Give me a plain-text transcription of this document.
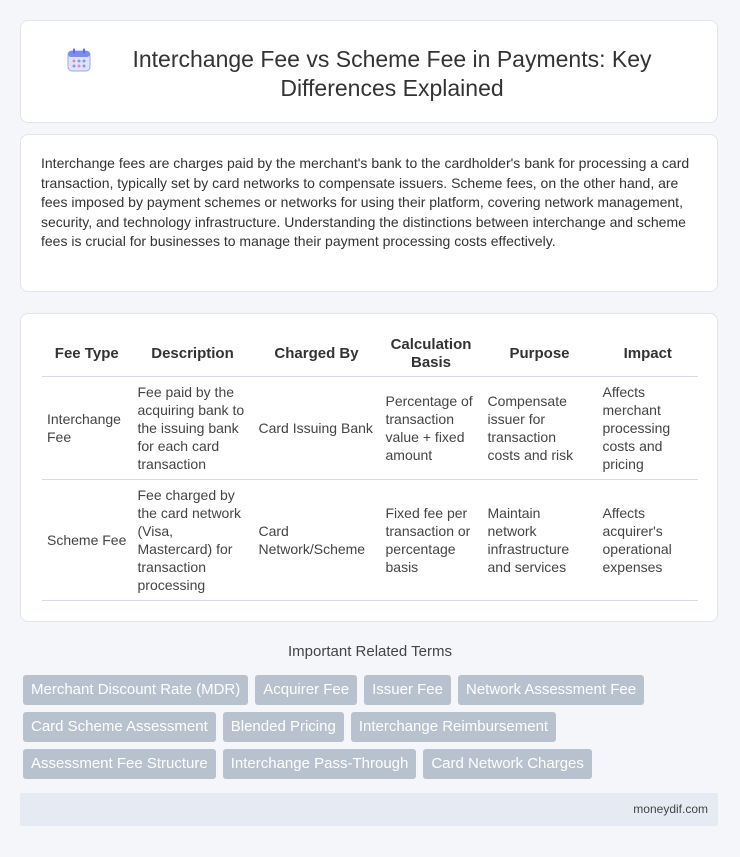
Interchange Fee vs Scheme Fee in Payments: Key Differences Explained

Interchange fees are charges paid by the merchant's bank to the cardholder's bank for processing a card transaction, typically set by card networks to compensate issuers. Scheme fees, on the other hand, are fees imposed by payment schemes or networks for using their platform, covering network management, security, and technology infrastructure. Understanding the distinctions between interchange and scheme fees is crucial for businesses to manage their payment processing costs effectively.

Fee Type	Description	Charged By	Calculation Basis	Purpose	Impact
Interchange Fee	Fee paid by the acquiring bank to the issuing bank for each card transaction	Card Issuing Bank	Percentage of transaction value + fixed amount	Compensate issuer for transaction costs and risk	Affects merchant processing costs and pricing
Scheme Fee	Fee charged by the card network (Visa, Mastercard) for transaction processing	Card Network/Scheme	Fixed fee per transaction or percentage basis	Maintain network infrastructure and services	Affects acquirer's operational expenses
Important Related Terms
Merchant Discount Rate (MDR)	Acquirer Fee	Issuer Fee	Network Assessment Fee
Card Scheme Assessment	Blended Pricing	Interchange Reimbursement
Assessment Fee Structure	Interchange Pass-Through	Card Network Charges
moneydif.com
